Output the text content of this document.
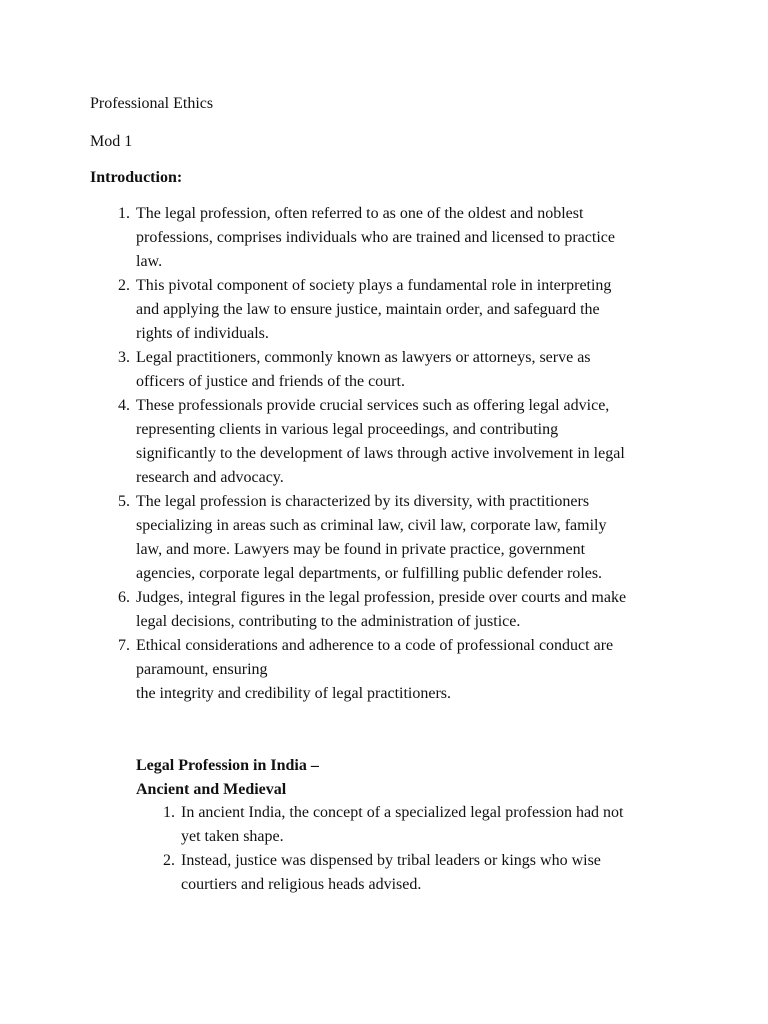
Professional Ethics
Mod 1
Introduction:
1. The legal profession, often referred to as one of the oldest and noblest
professions, comprises individuals who are trained and licensed to practice
law.
2. This pivotal component of society plays a fundamental role in interpreting
and applying the law to ensure justice, maintain order, and safeguard the
rights of individuals.
3. Legal practitioners, commonly known as lawyers or attorneys, serve as
officers of justice and friends of the court.
4. These professionals provide crucial services such as offering legal advice,
representing clients in various legal proceedings, and contributing
significantly to the development of laws through active involvement in legal
research and advocacy.
5. The legal profession is characterized by its diversity, with practitioners
specializing in areas such as criminal law, civil law, corporate law, family
law, and more. Lawyers may be found in private practice, government
agencies, corporate legal departments, or fulfilling public defender roles.
6. Judges, integral figures in the legal profession, preside over courts and make
legal decisions, contributing to the administration of justice.
7. Ethical considerations and adherence to a code of professional conduct are
paramount, ensuring
the integrity and credibility of legal practitioners.
Legal Profession in India –
Ancient and Medieval
1. In ancient India, the concept of a specialized legal profession had not
yet taken shape.
2. Instead, justice was dispensed by tribal leaders or kings who wise
courtiers and religious heads advised.
